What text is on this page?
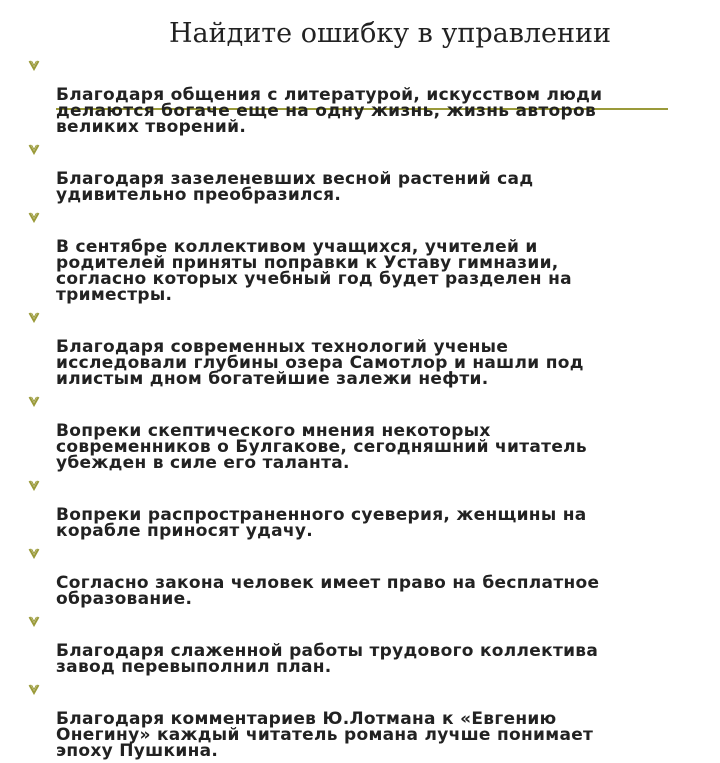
Найдите ошибку в управлении

Благодаря общения с литературой, искусством люди
делаются богаче еще на одну жизнь, жизнь авторов
великих творений.

Благодаря зазеленевших весной растений сад
удивительно преобразился.

В сентябре коллективом учащихся, учителей и
родителей приняты поправки к Уставу гимназии,
согласно которых учебный год будет разделен на
триместры.

Благодаря современных технологий ученые
исследовали глубины озера Самотлор и нашли под
илистым дном богатейшие залежи нефти.

Вопреки скептического мнения некоторых
современников о Булгакове, сегодняшний читатель
убежден в силе его таланта.

Вопреки распространенного суеверия, женщины на
корабле приносят удачу.

Согласно закона человек имеет право на бесплатное
образование.

Благодаря слаженной работы трудового коллектива
завод перевыполнил план.

Благодаря комментариев Ю.Лотмана к «Евгению
Онегину» каждый читатель романа лучше понимает
эпоху Пушкина.
